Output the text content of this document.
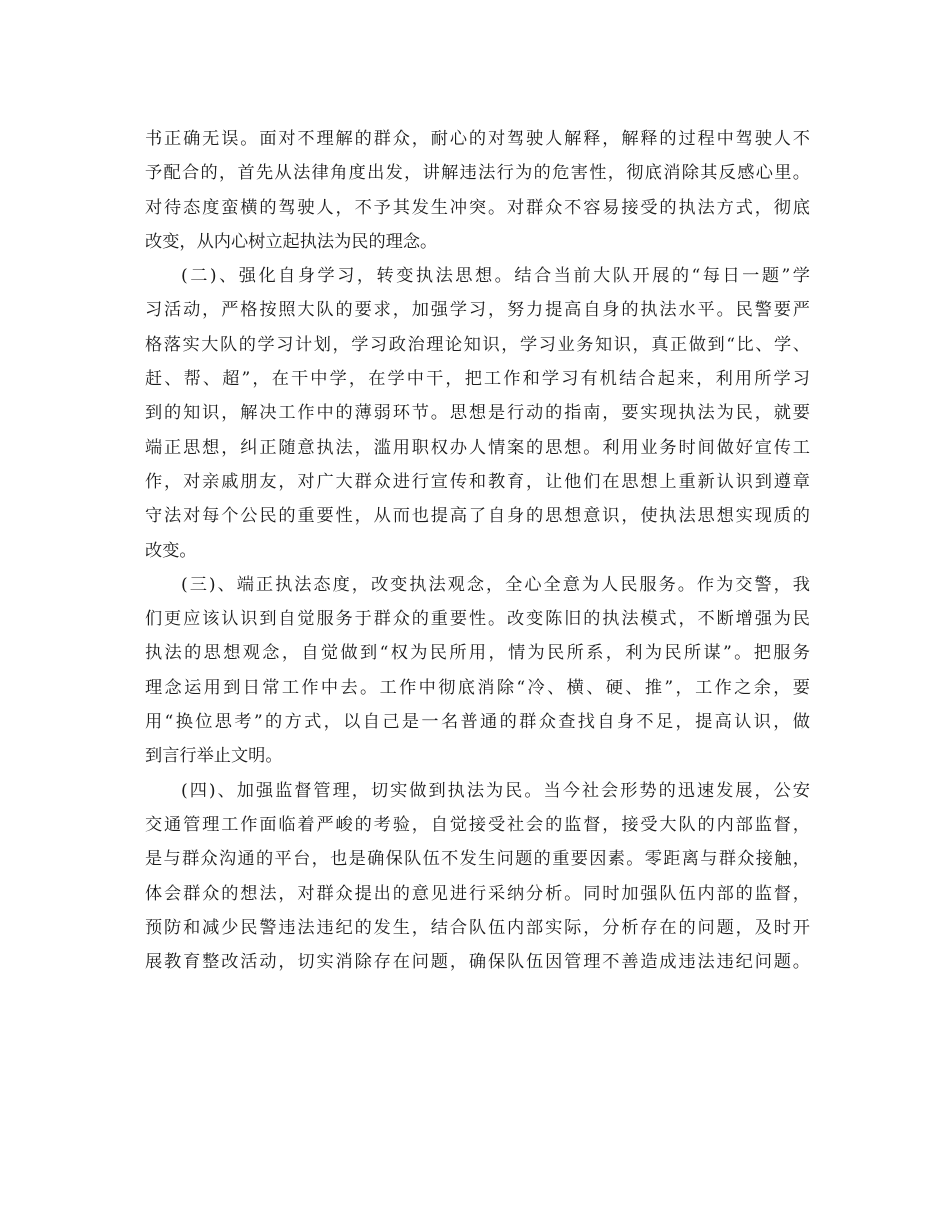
书正确无误。面对不理解的群众，耐心的对驾驶人解释，解释的过程中驾驶人不
予配合的，首先从法律角度出发，讲解违法行为的危害性，彻底消除其反感心里。
对待态度蛮横的驾驶人，不予其发生冲突。对群众不容易接受的执法方式，彻底
改变，从内心树立起执法为民的理念。
(二)、强化自身学习，转变执法思想。结合当前大队开展的“每日一题”学
习活动，严格按照大队的要求，加强学习，努力提高自身的执法水平。民警要严
格落实大队的学习计划，学习政治理论知识，学习业务知识，真正做到“比、学、
赶、帮、超”，在干中学，在学中干，把工作和学习有机结合起来，利用所学习
到的知识，解决工作中的薄弱环节。思想是行动的指南，要实现执法为民，就要
端正思想，纠正随意执法，滥用职权办人情案的思想。利用业务时间做好宣传工
作，对亲戚朋友，对广大群众进行宣传和教育，让他们在思想上重新认识到遵章
守法对每个公民的重要性，从而也提高了自身的思想意识，使执法思想实现质的
改变。
(三)、端正执法态度，改变执法观念，全心全意为人民服务。作为交警，我
们更应该认识到自觉服务于群众的重要性。改变陈旧的执法模式，不断增强为民
执法的思想观念，自觉做到“权为民所用，情为民所系，利为民所谋”。把服务
理念运用到日常工作中去。工作中彻底消除“冷、横、硬、推”，工作之余，要
用“换位思考”的方式，以自己是一名普通的群众查找自身不足，提高认识，做
到言行举止文明。
(四)、加强监督管理，切实做到执法为民。当今社会形势的迅速发展，公安
交通管理工作面临着严峻的考验，自觉接受社会的监督，接受大队的内部监督，
是与群众沟通的平台，也是确保队伍不发生问题的重要因素。零距离与群众接触，
体会群众的想法，对群众提出的意见进行采纳分析。同时加强队伍内部的监督，
预防和减少民警违法违纪的发生，结合队伍内部实际，分析存在的问题，及时开
展教育整改活动，切实消除存在问题，确保队伍因管理不善造成违法违纪问题。
